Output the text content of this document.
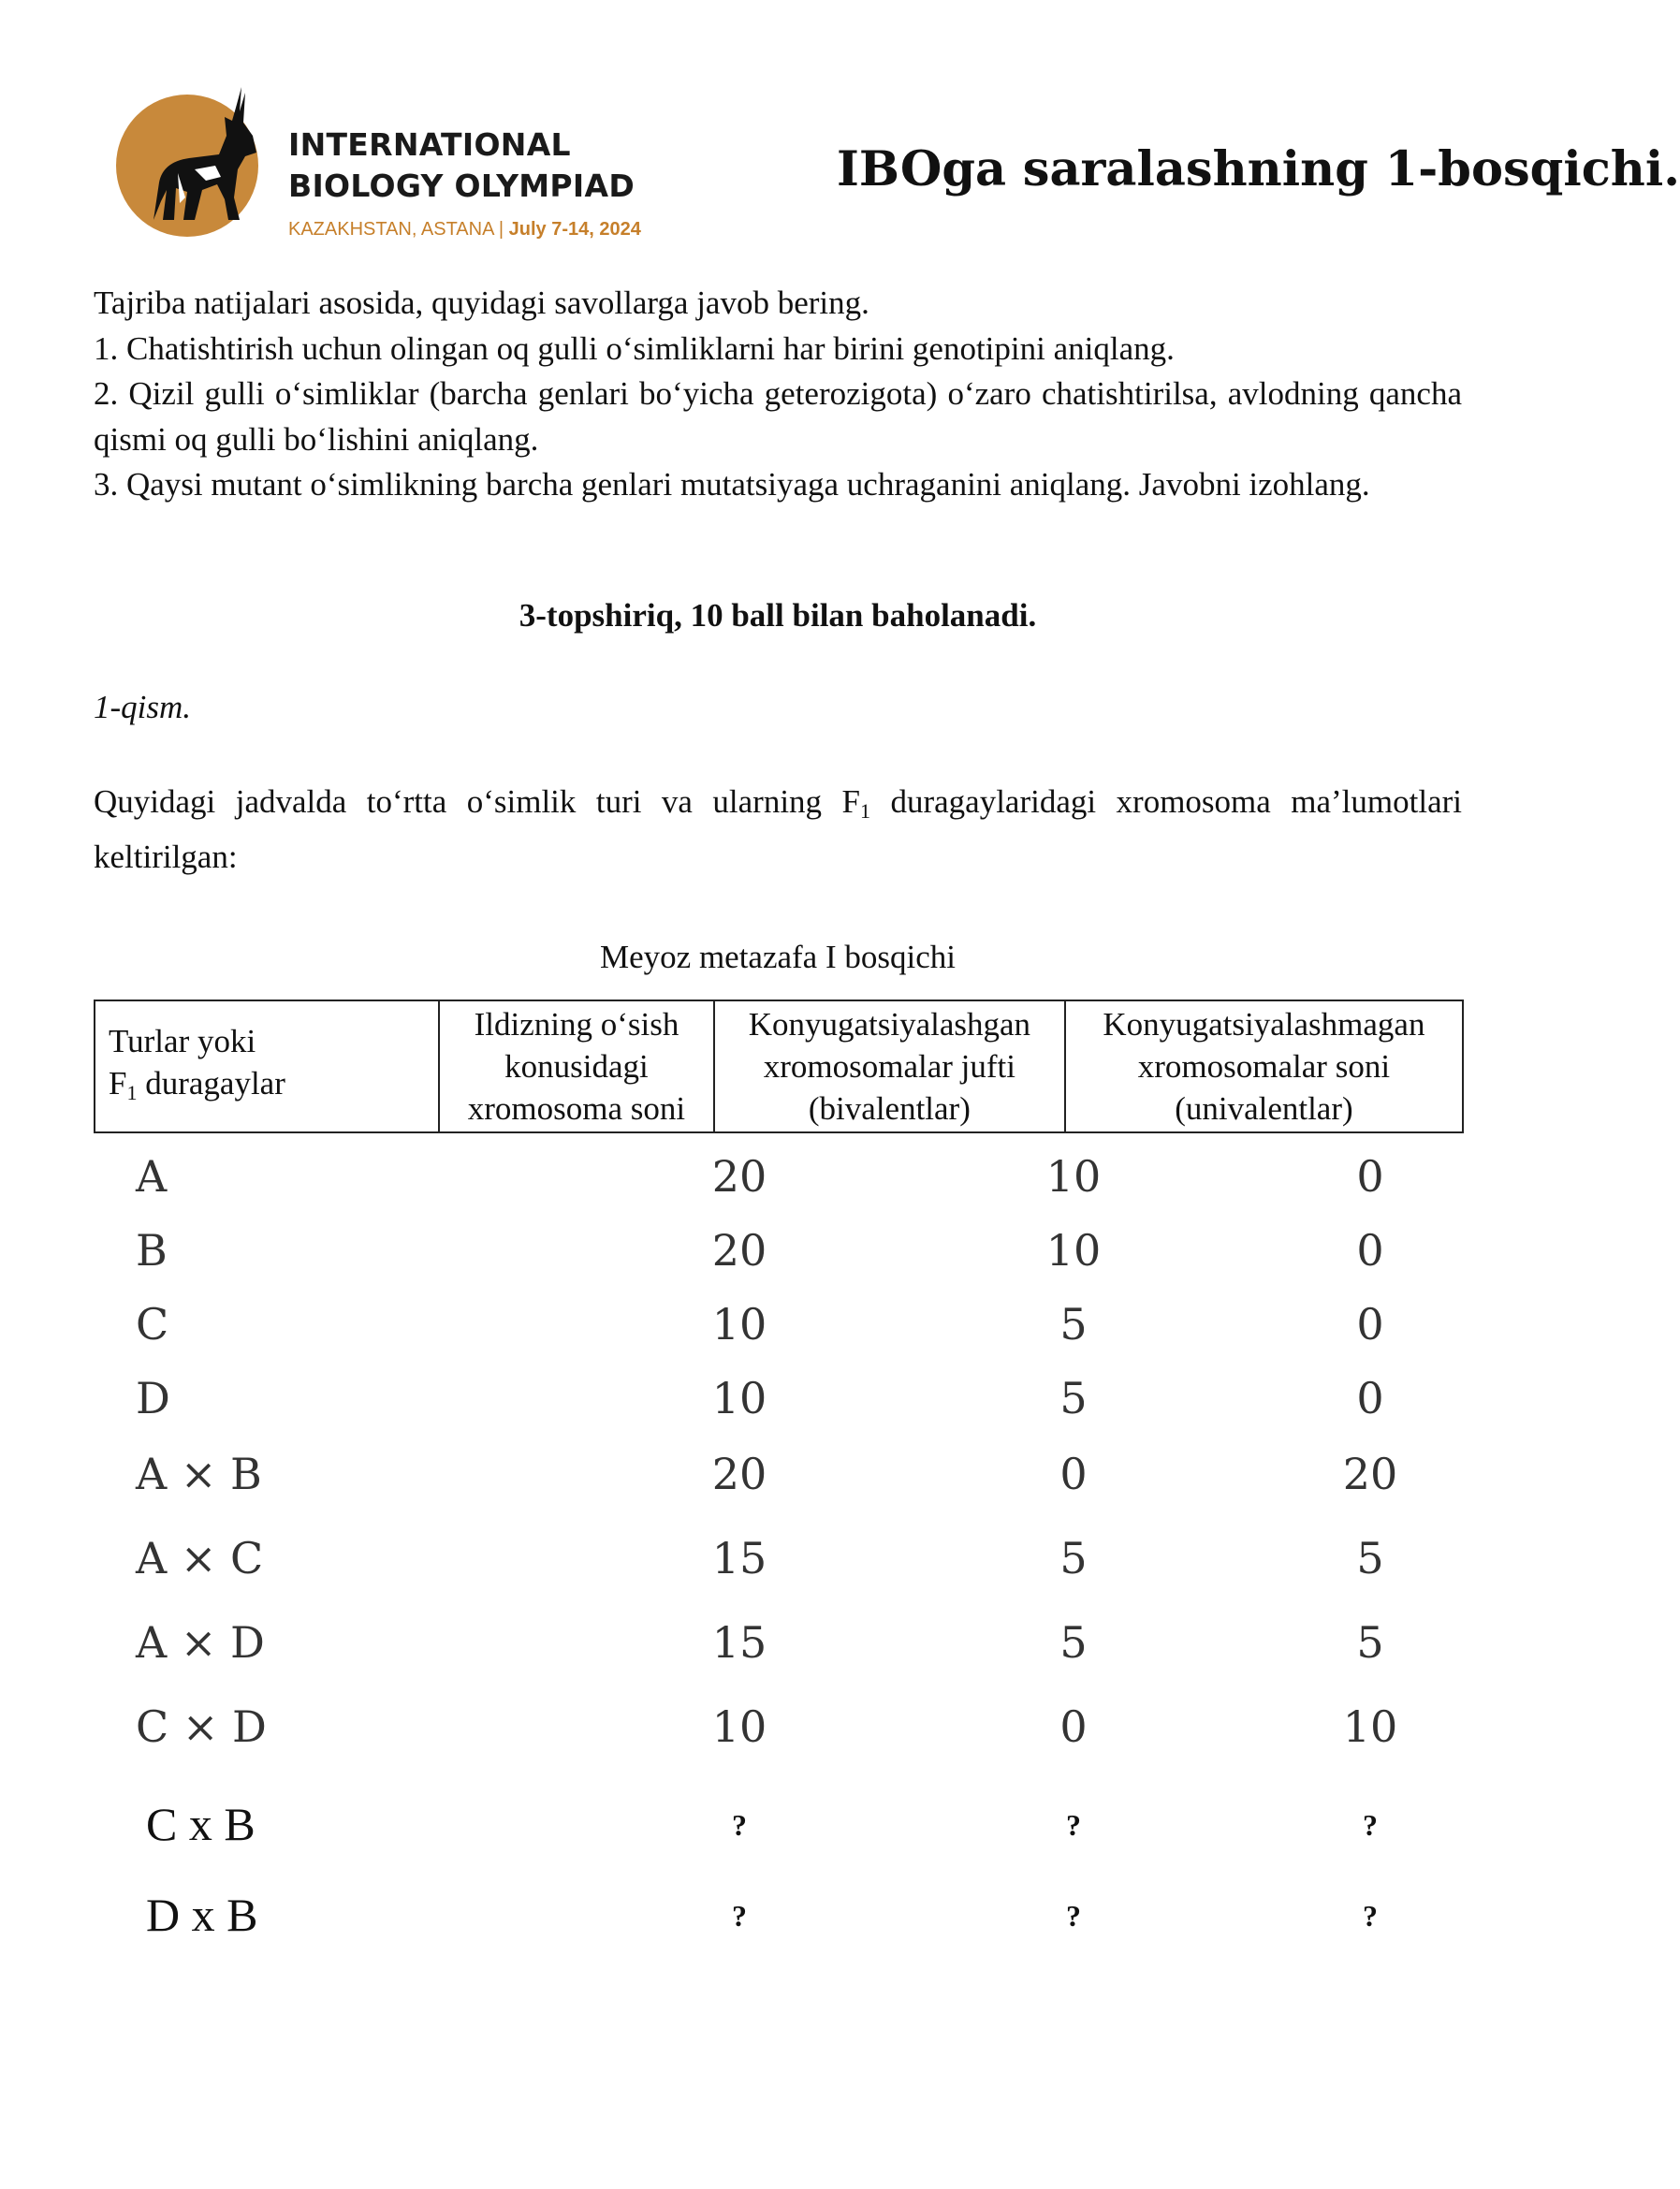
INTERNATIONAL
BIOLOGY OLYMPIAD
KAZAKHSTAN, ASTANA | July 7-14, 2024
IBOga saralashning 1-bosqichi.

Tajriba natijalari asosida, quyidagi savollarga javob bering.

1. Chatishtirish uchun olingan oq gulli o‘simliklarni har birini genotipini aniqlang.

2. Qizil gulli o‘simliklar (barcha genlari bo‘yicha geterozigota) o‘zaro chatishtirilsa, avlodning qancha qismi oq gulli bo‘lishini aniqlang.

3. Qaysi mutant o‘simlikning barcha genlari mutatsiyaga uchraganini aniqlang. Javobni izohlang.

3-topshiriq, 10 ball bilan baholanadi.
1-qism.

Quyidagi jadvalda to‘rtta o‘simlik turi va ularning $F_1$ duragaylaridagi xromosoma ma’lumotlari keltirilgan:

Meyoz metazafa I bosqichi
Turlar yoki
$F_1$ duragaylar

Ildizning o‘sish
konusidagi
xromosoma soni

Konyugatsiyalashgan
xromosomalar jufti
(bivalentlar)

Konyugatsiyalashmagan
xromosomalar soni
(univalentlar)
A	20	10	0
B	20	10	0
C	10	5	0
D	10	5	0
A × B	20	0	20
A × C	15	5	5
A × D	15	5	5
C × D	10	0	10
C x B	?	?	?
D x B	?	?	?
